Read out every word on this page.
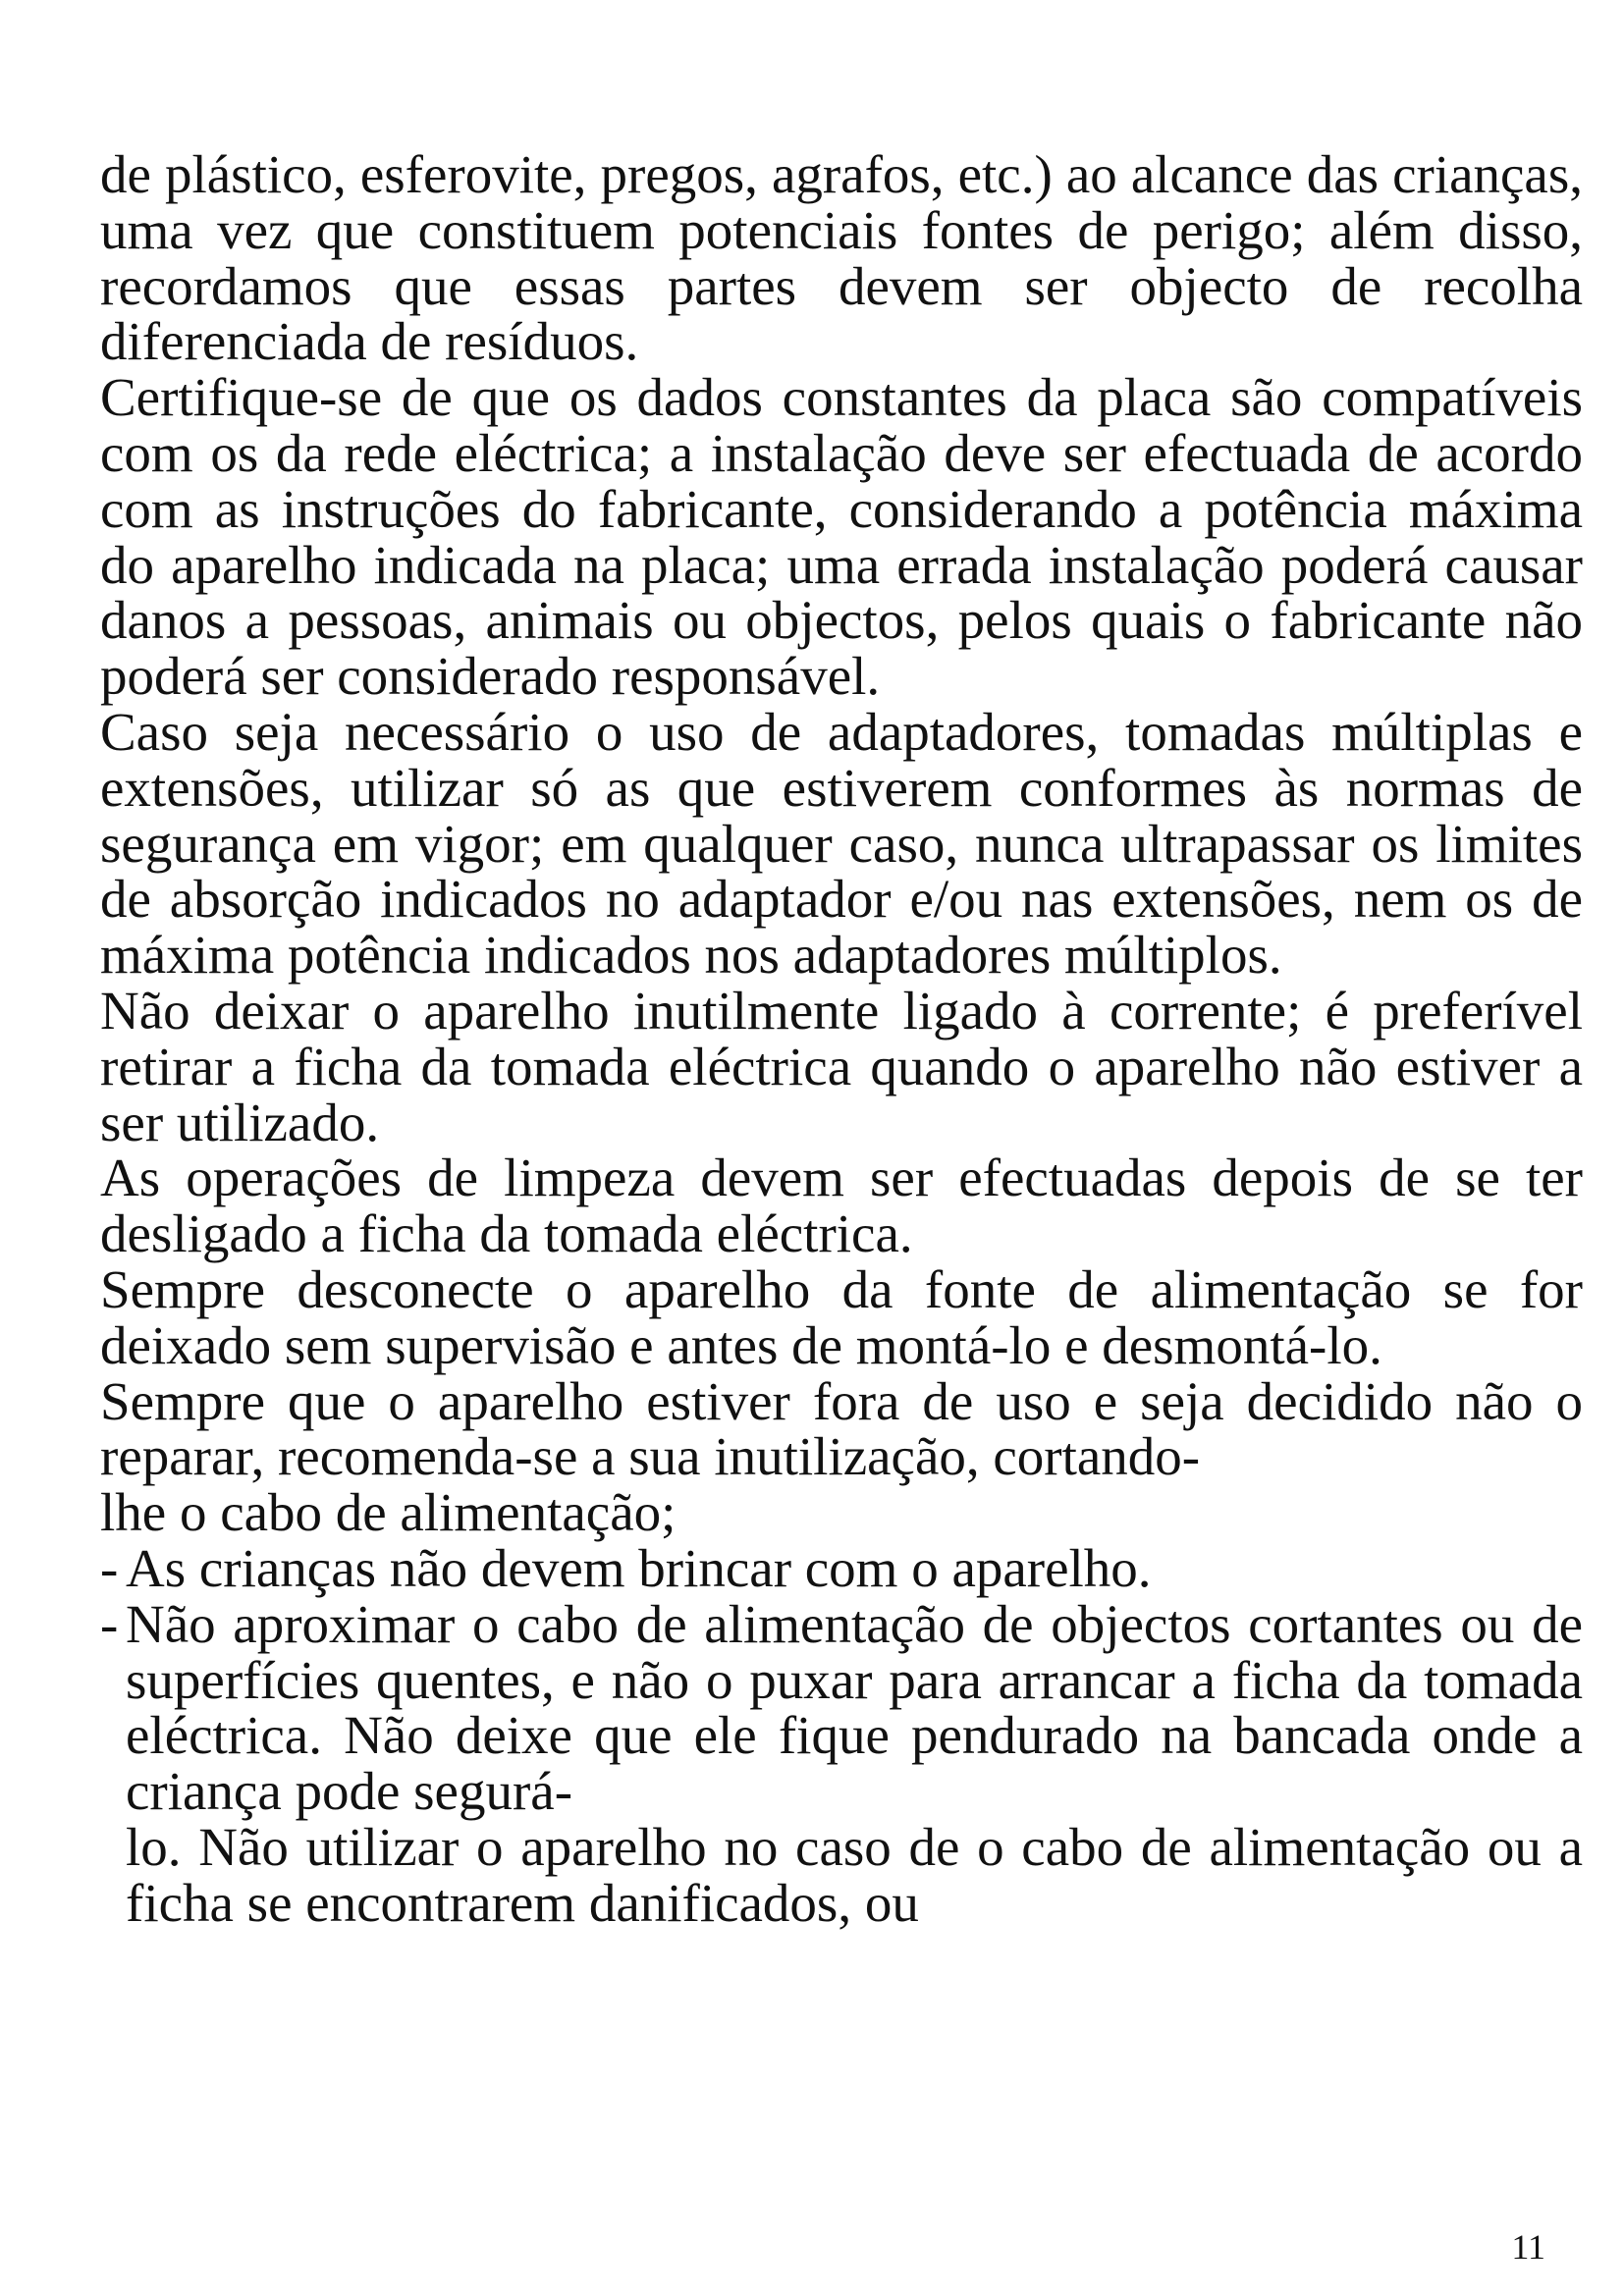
de plástico, esferovite, pregos, agrafos, etc.) ao alcance das crianças, uma vez que constituem potenciais fontes de perigo; além disso, recordamos que essas partes devem ser objecto de recolha diferenciada de resíduos.

Certifique-se de que os dados constantes da placa são compatíveis com os da rede eléctrica; a instalação deve ser efectuada de acordo com as instruções do fabricante, considerando a potência máxima do aparelho indicada na placa; uma errada instalação poderá causar danos a pessoas, animais ou objectos, pelos quais o fabricante não poderá ser considerado responsável.

Caso seja necessário o uso de adaptadores, tomadas múltiplas e extensões, utilizar só as que estiverem conformes às normas de segurança em vigor; em qualquer caso, nunca ultrapassar os limites de absorção indicados no adaptador e/ou nas extensões, nem os de máxima potência indicados nos adaptadores múltiplos.

Não deixar o aparelho inutilmente ligado à corrente; é preferível retirar a ficha da tomada eléctrica quando o aparelho não estiver a ser utilizado.

As operações de limpeza devem ser efectuadas depois de se ter desligado a ficha da tomada eléctrica.

Sempre desconecte o aparelho da fonte de alimentação se for deixado sem supervisão e antes de montá-lo e desmontá-lo.

Sempre que o aparelho estiver fora de uso e seja decidido não o reparar, recomenda-se a sua inutilização, cortando-
lhe o cabo de alimentação;

- As crianças não devem brincar com o aparelho.
- Não aproximar o cabo de alimentação de objectos cortantes ou de superfícies quentes, e não o puxar para arrancar a ficha da tomada eléctrica. Não deixe que ele fique pendurado na bancada onde a criança pode segurá-
lo. Não utilizar o aparelho no caso de o cabo de alimentação ou a ficha se encontrarem danificados, ou
11
